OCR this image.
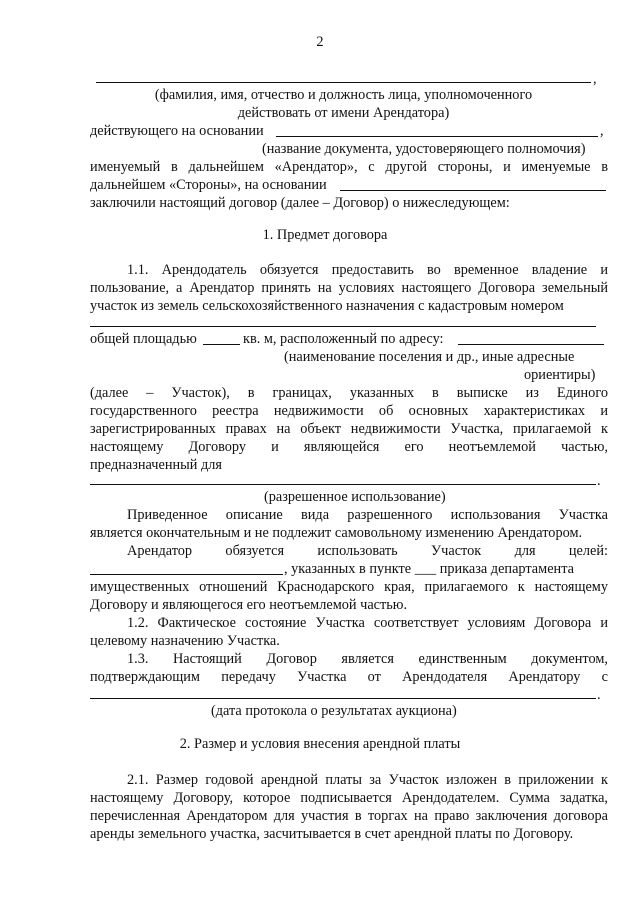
2
,
(фамилия, имя, отчество и должность лица, уполномоченного
действовать от имени Арендатора)
действующего на основании	,
(название документа, удостоверяющего полномочия)
именуемый в дальнейшем «Арендатор», с другой стороны, и именуемые в
дальнейшем «Стороны», на основании
заключили настоящий договор (далее – Договор) о нижеследующем:
1. Предмет договора
1.1. Арендодатель обязуется предоставить во временное владение и
пользование, а Арендатор принять на условиях настоящего Договора земельный
участок из земель сельскохозяйственного назначения с кадастровым номером
общей площадью	кв. м, расположенный по адресу:
(наименование поселения и др., иные адресные
ориентиры)
(далее – Участок), в границах, указанных в выписке из Единого
государственного реестра недвижимости об основных характеристиках и
зарегистрированных правах на объект недвижимости Участка, прилагаемой к
настоящему Договору и являющейся его неотъемлемой частью,
предназначенный для
.
(разрешенное использование)
Приведенное описание вида разрешенного использования Участка
является окончательным и не подлежит самовольному изменению Арендатором.
Арендатор обязуется использовать Участок для целей:
, указанных в пункте ___ приказа департамента
имущественных отношений Краснодарского края, прилагаемого к настоящему
Договору и являющегося его неотъемлемой частью.
1.2. Фактическое состояние Участка соответствует условиям Договора и
целевому назначению Участка.
1.3. Настоящий Договор является единственным документом,
подтверждающим передачу Участка от Арендодателя Арендатору с
.
(дата протокола о результатах аукциона)
2. Размер и условия внесения арендной платы
2.1. Размер годовой арендной платы за Участок изложен в приложении к
настоящему Договору, которое подписывается Арендодателем. Сумма задатка,
перечисленная Арендатором для участия в торгах на право заключения договора
аренды земельного участка, засчитывается в счет арендной платы по Договору.
